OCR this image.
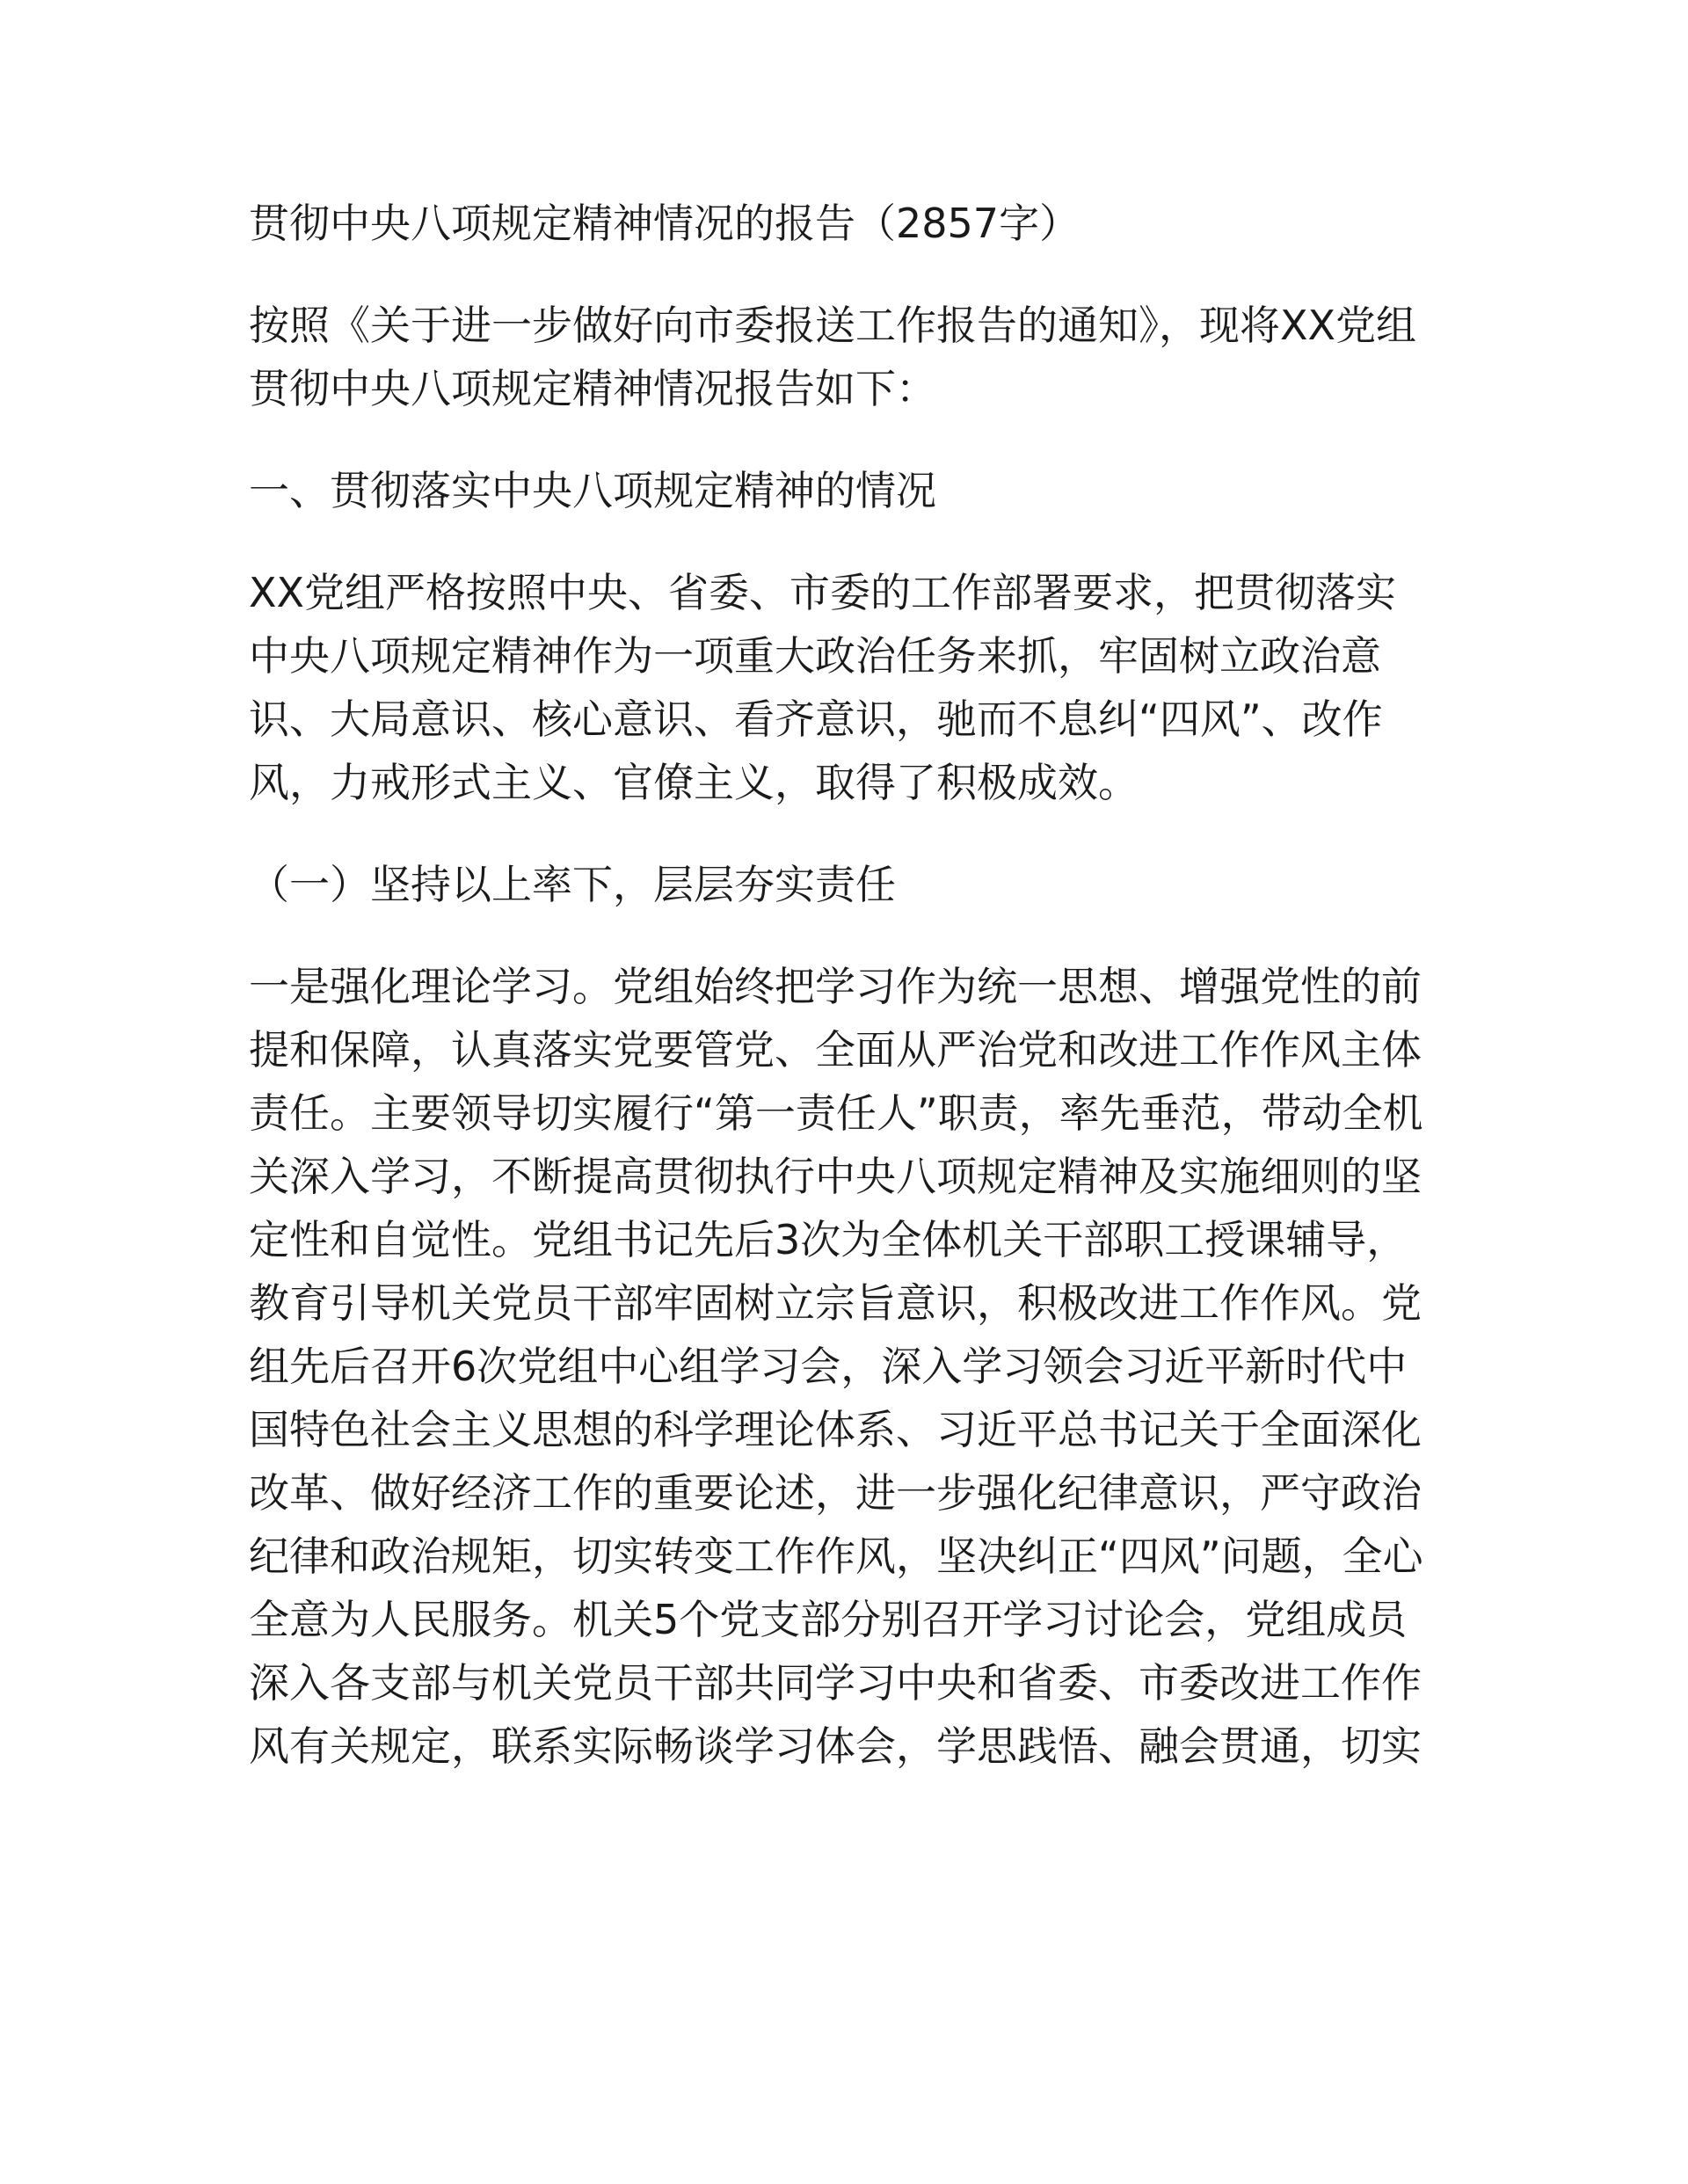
贯彻中央八项规定精神情况的报告（2857字）

按照《关于进一步做好向市委报送工作报告的通知》，现将XX党组贯彻中央八项规定精神情况报告如下：

一、贯彻落实中央八项规定精神的情况

XX党组严格按照中央、省委、市委的工作部署要求，把贯彻落实中央八项规定精神作为一项重大政治任务来抓，牢固树立政治意识、大局意识、核心意识、看齐意识，驰而不息纠“四风”、改作风，力戒形式主义、官僚主义，取得了积极成效。

（一）坚持以上率下，层层夯实责任

一是强化理论学习。党组始终把学习作为统一思想、增强党性的前提和保障，认真落实党要管党、全面从严治党和改进工作作风主体责任。主要领导切实履行“第一责任人”职责，率先垂范，带动全机关深入学习，不断提高贯彻执行中央八项规定精神及实施细则的坚定性和自觉性。党组书记先后3次为全体机关干部职工授课辅导，教育引导机关党员干部牢固树立宗旨意识，积极改进工作作风。党组先后召开6次党组中心组学习会，深入学习领会习近平新时代中国特色社会主义思想的科学理论体系、习近平总书记关于全面深化改革、做好经济工作的重要论述，进一步强化纪律意识，严守政治纪律和政治规矩，切实转变工作作风，坚决纠正“四风”问题，全心全意为人民服务。机关5个党支部分别召开学习讨论会，党组成员深入各支部与机关党员干部共同学习中央和省委、市委改进工作作风有关规定，联系实际畅谈学习体会，学思践悟、融会贯通，切实
